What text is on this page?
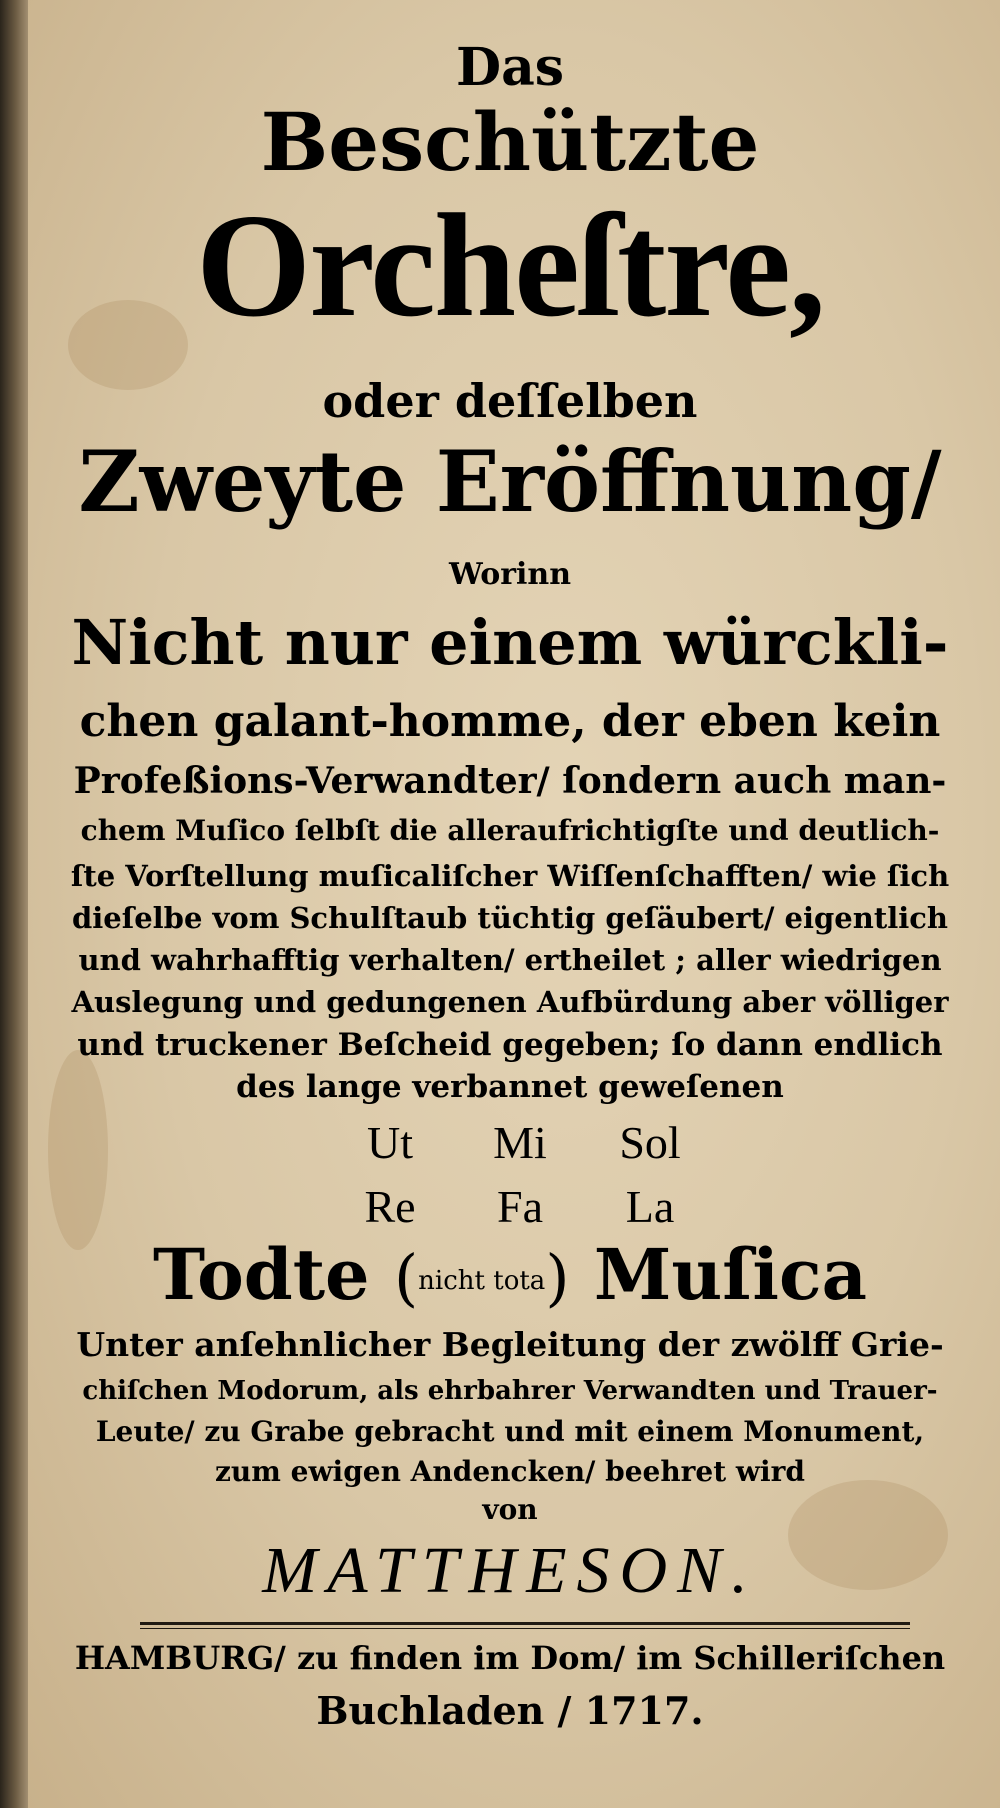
Das

Beschützte

Orcheſtre,

oder deſſelben

Zweyte Eröffnung/

Worinn

Nicht nur einem würckli-

chen galant-homme, der eben kein

Profeßions-Verwandter/ ſondern auch man-

chem Muſico ſelbſt die alleraufrichtigſte und deutlich-

ſte Vorſtellung muſicaliſcher Wiſſenſchafften/ wie ſich

dieſelbe vom Schulſtaub tüchtig geſäubert/ eigentlich

und wahrhafftig verhalten/ ertheilet ; aller wiedrigen

Auslegung und gedungenen Aufbürdung aber völliger

und truckener Beſcheid gegeben; ſo dann endlich

des lange verbannet geweſenen

Ut	Mi	Sol
Re	Fa	La

Todte (nicht tota) Muſica

Unter anſehnlicher Begleitung der zwölff Grie-

chiſchen Modorum, als ehrbahrer Verwandten und Trauer-

Leute/ zu Grabe gebracht und mit einem Monument,

zum ewigen Andencken/ beehret wird

von

MATTHESON.

HAMBURG/ zu finden im Dom/ im Schilleriſchen

Buchladen / 1717.
